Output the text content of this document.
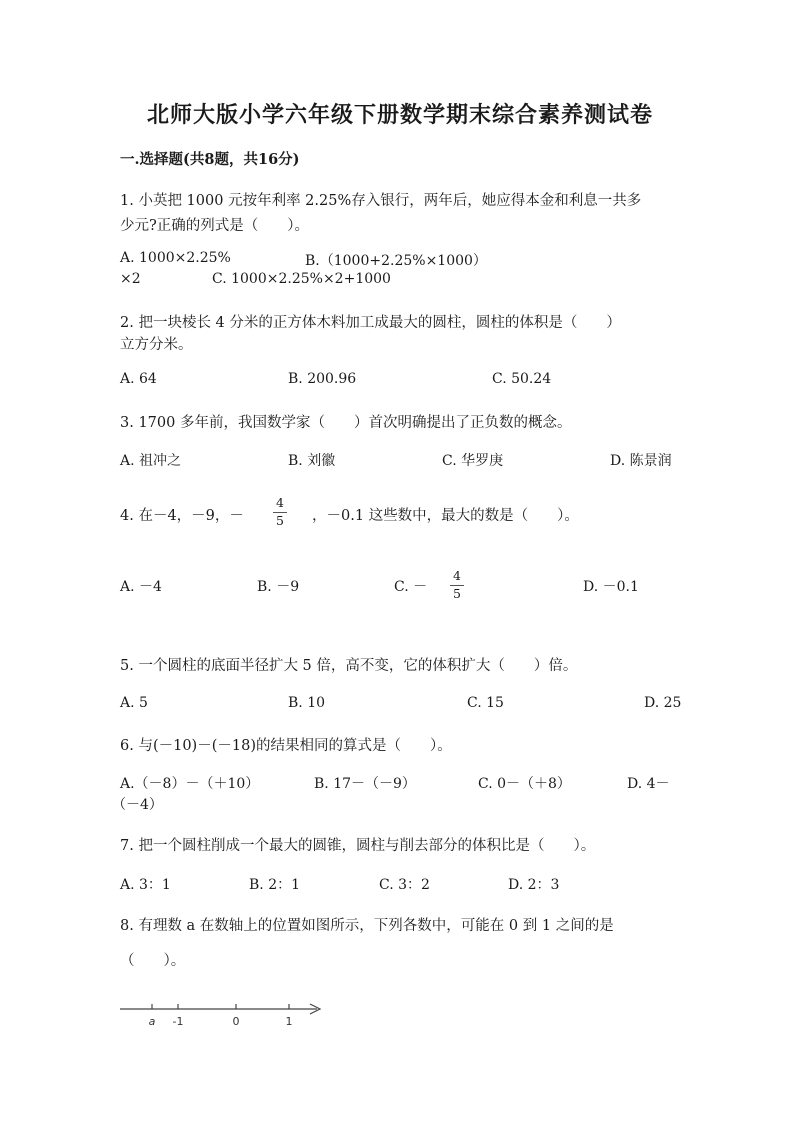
北师大版小学六年级下册数学期末综合素养测试卷
一.选择题(共8题，共16分)
1. 小英把 1000 元按年利率 2.25%存入银行，两年后，她应得本金和利息一共多
少元?正确的列式是（　　）。
A. 1000×2.25%	B.（1000+2.25%×1000）
×2	C. 1000×2.25%×2+1000
2. 把一块棱长 4 分米的正方体木料加工成最大的圆柱，圆柱的体积是（　　）
立方分米。
A. 64	B. 200.96	C. 50.24
3. 1700 多年前，我国数学家（　　）首次明确提出了正负数的概念。
A. 祖冲之	B. 刘徽	C. 华罗庚	D. 陈景润
4. 在－4，－9，－ $\frac{4}{5}$ ，－0.1 这些数中，最大的数是（　　）。
A. －4	B. －9	C. － $\frac{4}{5}$	D. －0.1
5. 一个圆柱的底面半径扩大 5 倍，高不变，它的体积扩大（　　）倍。
A. 5	B. 10	C. 15	D. 25
6. 与(－10)－(－18)的结果相同的算式是（　　）。
A.（－8）－（＋10）	B. 17－（－9）	C. 0－（＋8）	D. 4－
（－4）
7. 把一个圆柱削成一个最大的圆锥，圆柱与削去部分的体积比是（　　）。
A. 3：1	B. 2：1	C. 3：2	D. 2：3
8. 有理数 a 在数轴上的位置如图所示，下列各数中，可能在 0 到 1 之间的是
（　　）。
a -1	0	1
